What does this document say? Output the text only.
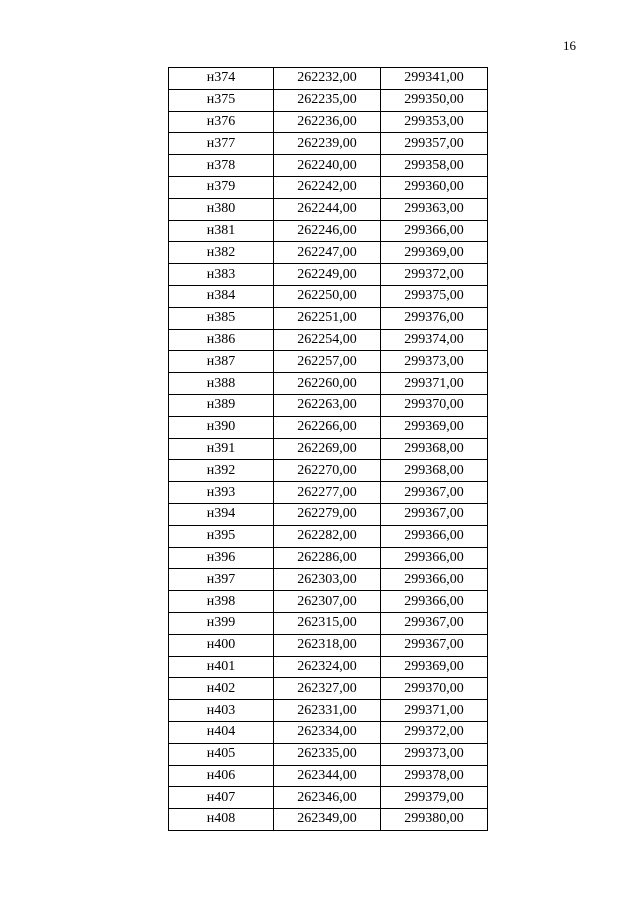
16
н374	262232,00	299341,00
н375	262235,00	299350,00
н376	262236,00	299353,00
н377	262239,00	299357,00
н378	262240,00	299358,00
н379	262242,00	299360,00
н380	262244,00	299363,00
н381	262246,00	299366,00
н382	262247,00	299369,00
н383	262249,00	299372,00
н384	262250,00	299375,00
н385	262251,00	299376,00
н386	262254,00	299374,00
н387	262257,00	299373,00
н388	262260,00	299371,00
н389	262263,00	299370,00
н390	262266,00	299369,00
н391	262269,00	299368,00
н392	262270,00	299368,00
н393	262277,00	299367,00
н394	262279,00	299367,00
н395	262282,00	299366,00
н396	262286,00	299366,00
н397	262303,00	299366,00
н398	262307,00	299366,00
н399	262315,00	299367,00
н400	262318,00	299367,00
н401	262324,00	299369,00
н402	262327,00	299370,00
н403	262331,00	299371,00
н404	262334,00	299372,00
н405	262335,00	299373,00
н406	262344,00	299378,00
н407	262346,00	299379,00
н408	262349,00	299380,00
